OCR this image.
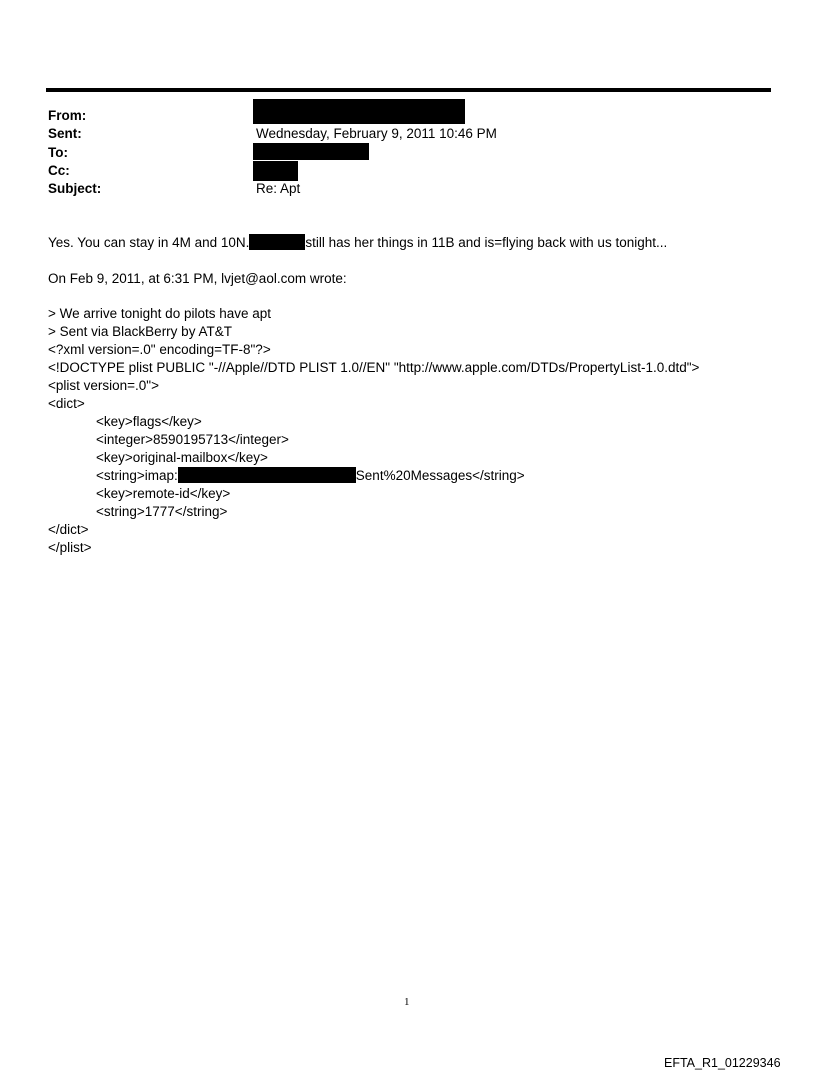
From:
Sent:	Wednesday, February 9, 2011 10:46 PM
To:
Cc:
Subject:	Re: Apt
Yes. You can stay in 4M and 10N.	still has her things in 11B and is=flying back with us tonight...
On Feb 9, 2011, at 6:31 PM, lvjet@aol.com wrote:
> We arrive tonight do pilots have apt
> Sent via BlackBerry by AT&T
<?xml version=.0" encoding=TF-8"?>
<!DOCTYPE plist PUBLIC "-//Apple//DTD PLIST 1.0//EN" "http://www.apple.com/DTDs/PropertyList-1.0.dtd">
<plist version=.0">
<dict>
<key>flags</key>
<integer>8590195713</integer>
<key>original-mailbox</key>
<string>imap:	Sent%20Messages</string>
<key>remote-id</key>
<string>1777</string>
</dict>
</plist>
1
EFTA_R1_01229346
